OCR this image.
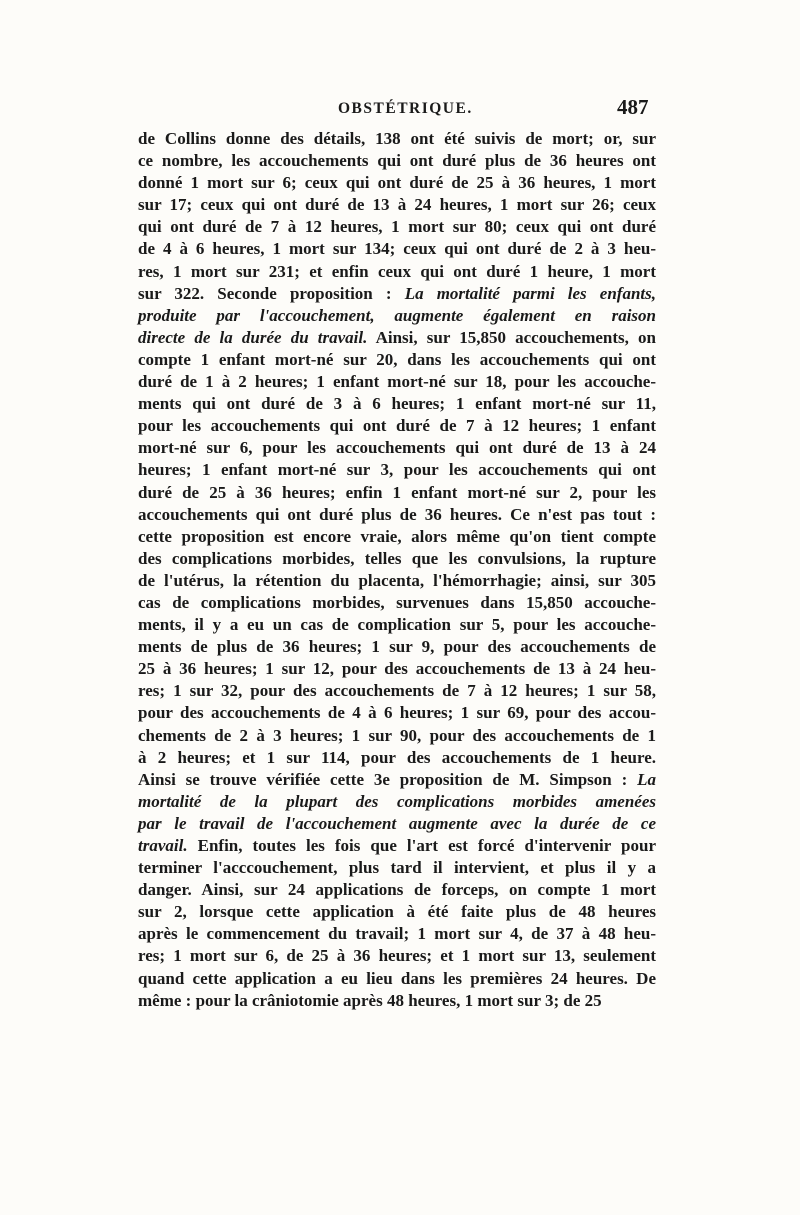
OBSTÉTRIQUE.	487
de Collins donne des détails, 138 ont été suivis de mort; or, sur
ce nombre, les accouchements qui ont duré plus de 36 heures ont
donné 1 mort sur 6; ceux qui ont duré de 25 à 36 heures, 1 mort
sur 17; ceux qui ont duré de 13 à 24 heures, 1 mort sur 26; ceux
qui ont duré de 7 à 12 heures, 1 mort sur 80; ceux qui ont duré
de 4 à 6 heures, 1 mort sur 134; ceux qui ont duré de 2 à 3 heu-
res, 1 mort sur 231; et enfin ceux qui ont duré 1 heure, 1 mort
sur 322. Seconde proposition : La mortalité parmi les enfants,
produite par l'accouchement, augmente également en raison
directe de la durée du travail. Ainsi, sur 15,850 accouchements, on
compte 1 enfant mort-né sur 20, dans les accouchements qui ont
duré de 1 à 2 heures; 1 enfant mort-né sur 18, pour les accouche-
ments qui ont duré de 3 à 6 heures; 1 enfant mort-né sur 11,
pour les accouchements qui ont duré de 7 à 12 heures; 1 enfant
mort-né sur 6, pour les accouchements qui ont duré de 13 à 24
heures; 1 enfant mort-né sur 3, pour les accouchements qui ont
duré de 25 à 36 heures; enfin 1 enfant mort-né sur 2, pour les
accouchements qui ont duré plus de 36 heures. Ce n'est pas tout :
cette proposition est encore vraie, alors même qu'on tient compte
des complications morbides, telles que les convulsions, la rupture
de l'utérus, la rétention du placenta, l'hémorrhagie; ainsi, sur 305
cas de complications morbides, survenues dans 15,850 accouche-
ments, il y a eu un cas de complication sur 5, pour les accouche-
ments de plus de 36 heures; 1 sur 9, pour des accouchements de
25 à 36 heures; 1 sur 12, pour des accouchements de 13 à 24 heu-
res; 1 sur 32, pour des accouchements de 7 à 12 heures; 1 sur 58,
pour des accouchements de 4 à 6 heures; 1 sur 69, pour des accou-
chements de 2 à 3 heures; 1 sur 90, pour des accouchements de 1
à 2 heures; et 1 sur 114, pour des accouchements de 1 heure.
Ainsi se trouve vérifiée cette 3e proposition de M. Simpson : La
mortalité de la plupart des complications morbides amenées
par le travail de l'accouchement augmente avec la durée de ce
travail. Enfin, toutes les fois que l'art est forcé d'intervenir pour
terminer l'acccouchement, plus tard il intervient, et plus il y a
danger. Ainsi, sur 24 applications de forceps, on compte 1 mort
sur 2, lorsque cette application à été faite plus de 48 heures
après le commencement du travail; 1 mort sur 4, de 37 à 48 heu-
res; 1 mort sur 6, de 25 à 36 heures; et 1 mort sur 13, seulement
quand cette application a eu lieu dans les premières 24 heures. De
même : pour la crâniotomie après 48 heures, 1 mort sur 3; de 25
